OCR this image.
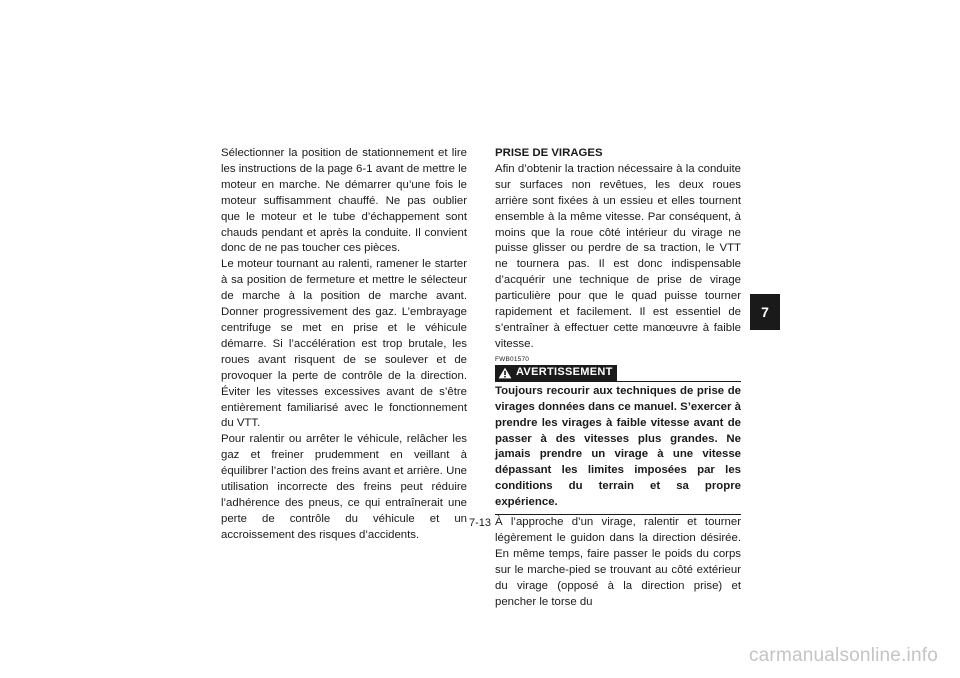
Sélectionner la position de stationnement et lire les instructions de la page 6-1 avant de mettre le moteur en marche. Ne démarrer qu’une fois le moteur suffisamment chauffé. Ne pas oublier que le moteur et le tube d’échappement sont chauds pendant et après la conduite. Il convient donc de ne pas toucher ces pièces.

Le moteur tournant au ralenti, ramener le starter à sa position de fermeture et mettre le sélecteur de marche à la position de marche avant. Donner progressivement des gaz. L’embrayage centrifuge se met en prise et le véhicule démarre. Si l’accélération est trop brutale, les roues avant risquent de se soulever et de provoquer la perte de contrôle de la direction. Éviter les vitesses excessives avant de s’être entièrement familiarisé avec le fonctionnement du VTT.

Pour ralentir ou arrêter le véhicule, relâcher les gaz et freiner prudemment en veillant à équilibrer l’action des freins avant et arrière. Une utilisation incorrecte des freins peut réduire l’adhérence des pneus, ce qui entraînerait une perte de contrôle du véhicule et un accroissement des risques d’accidents.

PRISE DE VIRAGES

Afin d’obtenir la traction nécessaire à la conduite sur surfaces non revêtues, les deux roues arrière sont fixées à un essieu et elles tournent ensemble à la même vitesse. Par conséquent, à moins que la roue côté intérieur du virage ne puisse glisser ou perdre de sa traction, le VTT ne tournera pas. Il est donc indispensable d’acquérir une technique de prise de virage particulière pour que le quad puisse tourner rapidement et facilement. Il est essentiel de s’entraîner à effectuer cette manœuvre à faible vitesse.

FWB01570
AVERTISSEMENT

Toujours recourir aux techniques de prise de virages données dans ce manuel. S’exercer à prendre les virages à faible vitesse avant de passer à des vitesses plus grandes. Ne jamais prendre un virage à une vitesse dépassant les limites imposées par les conditions du terrain et sa propre expérience.

À l’approche d’un virage, ralentir et tourner légèrement le guidon dans la direction désirée. En même temps, faire passer le poids du corps sur le marche-pied se trouvant au côté extérieur du virage (opposé à la direction prise) et pencher le torse du

7
7-13
carmanualsonline.info
